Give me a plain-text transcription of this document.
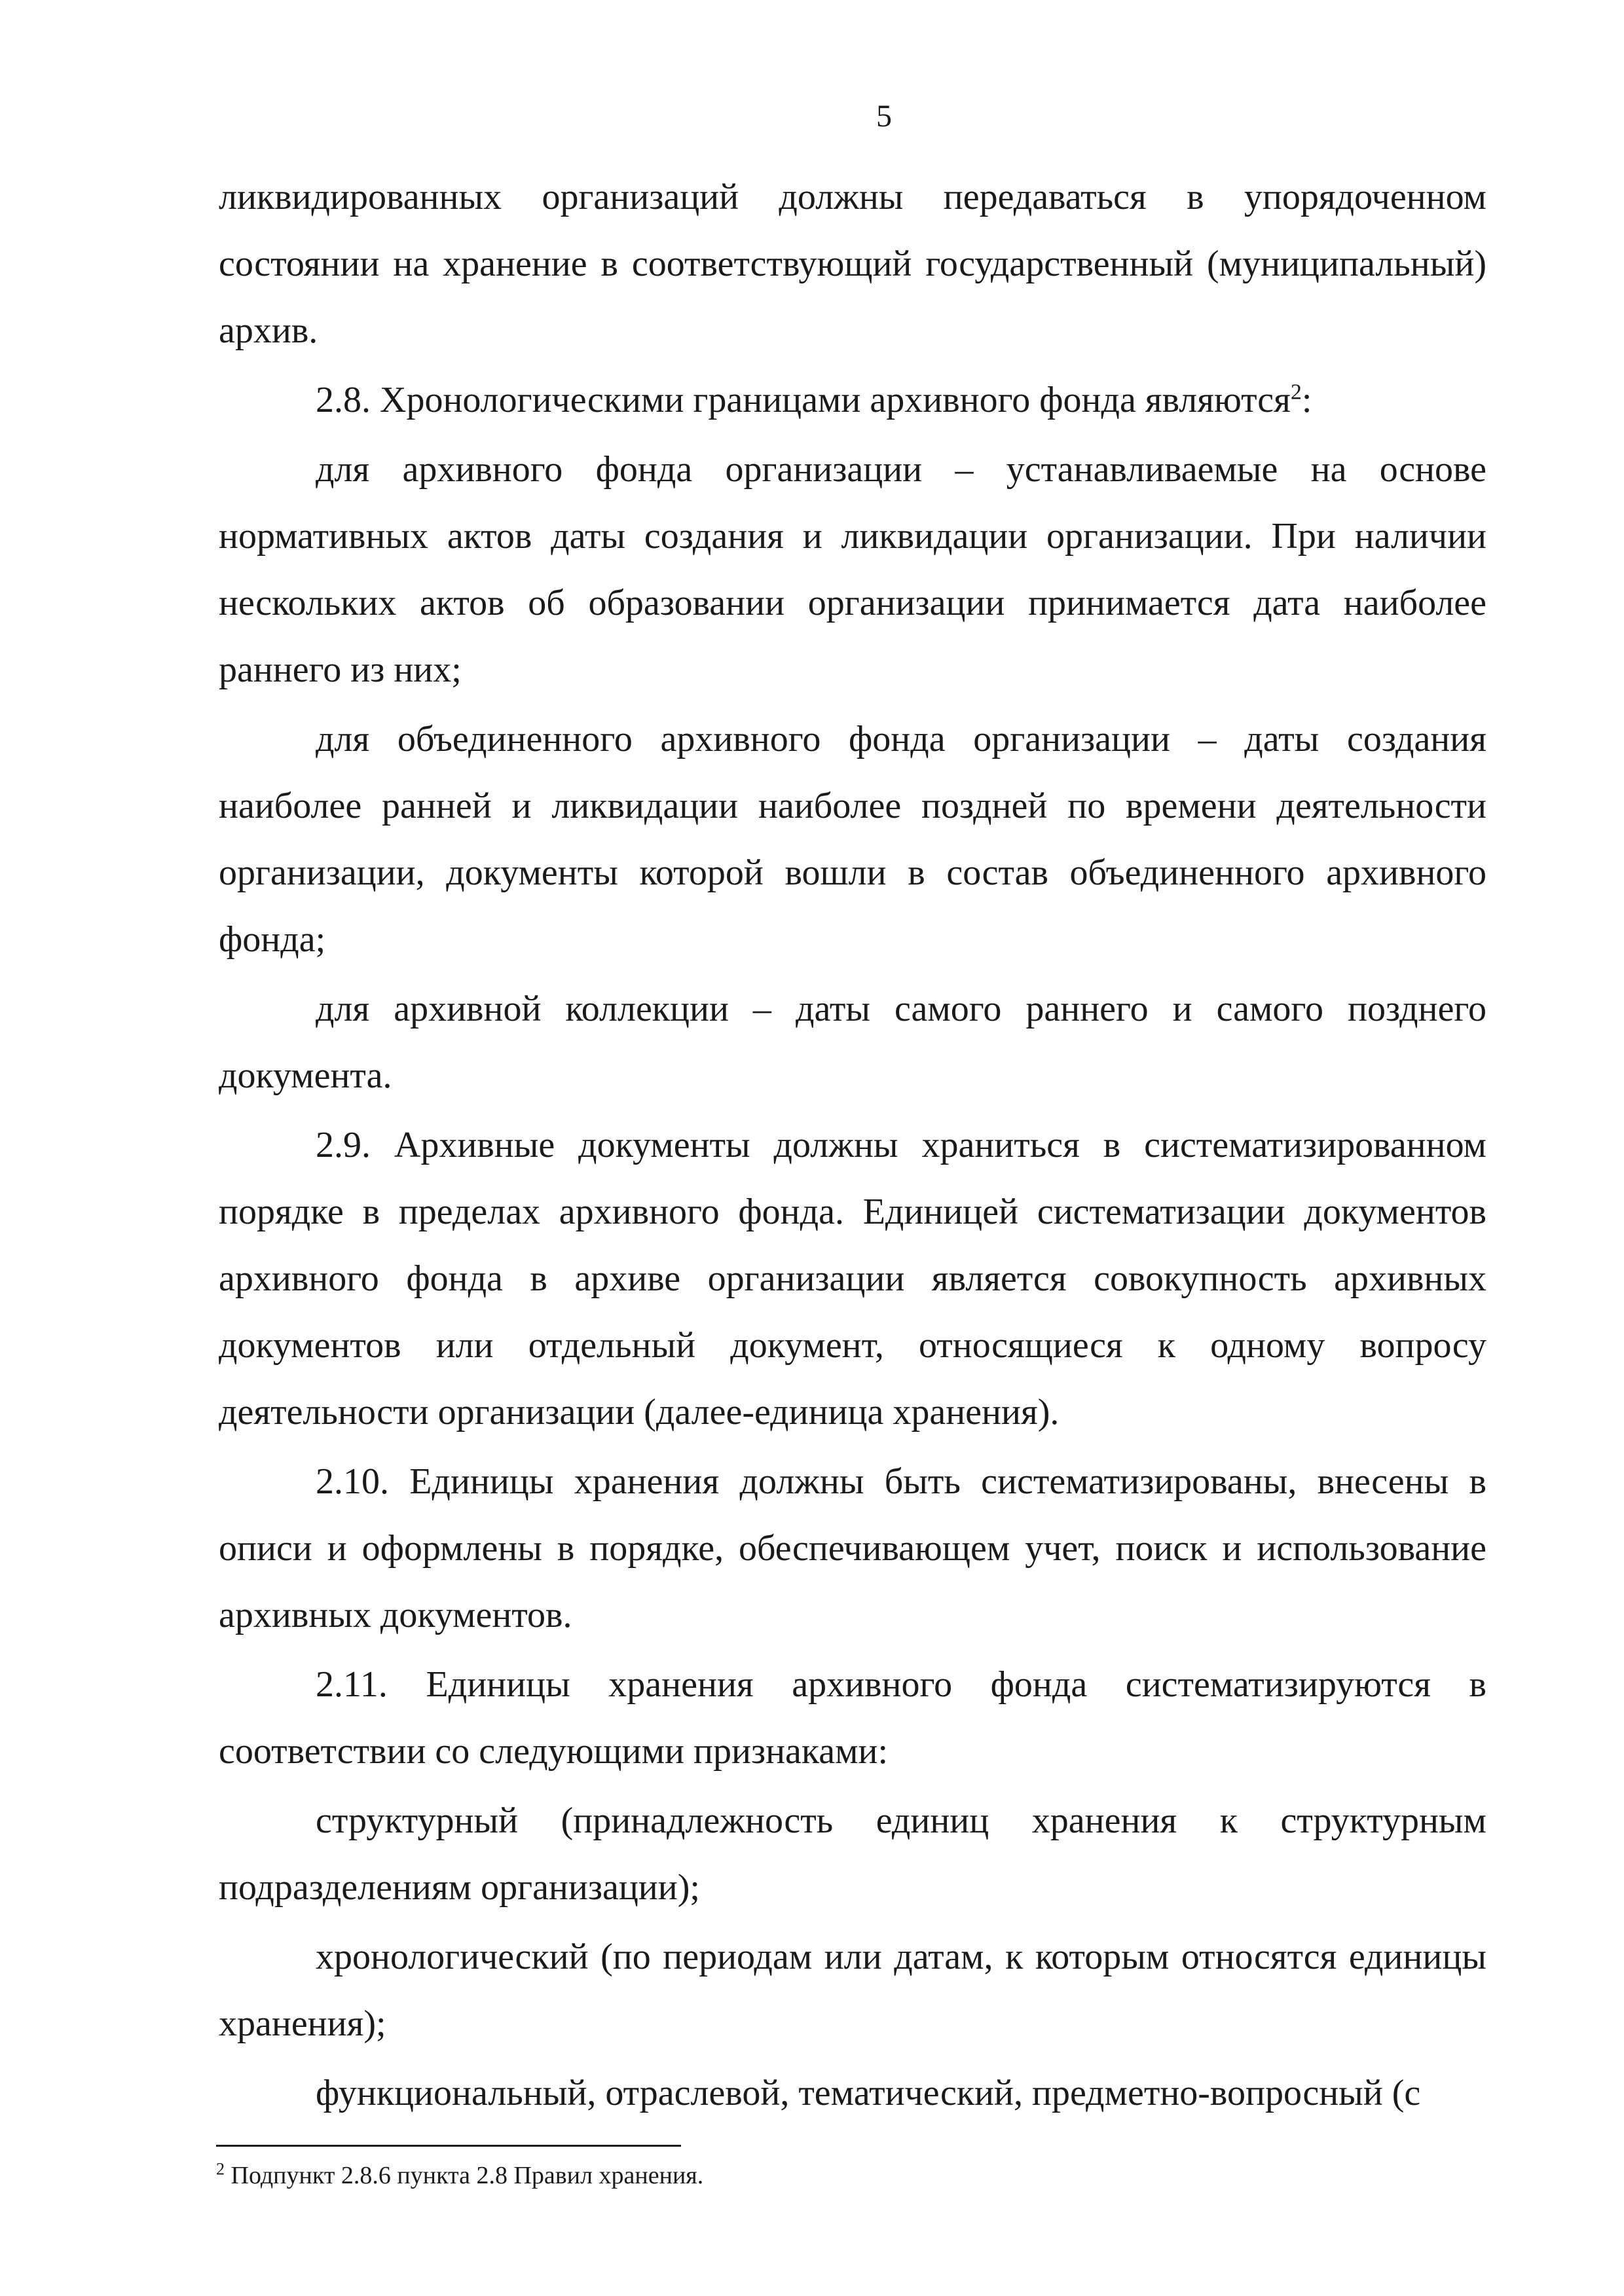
5

ликвидированных организаций должны передаваться в упорядоченном состоянии на хранение в соответствующий государственный (муниципальный) архив.

2.8. Хронологическими границами архивного фонда являются$^2$:

для архивного фонда организации – устанавливаемые на основе нормативных актов даты создания и ликвидации организации. При наличии нескольких актов об образовании организации принимается дата наиболее раннего из них;

для объединенного архивного фонда организации – даты создания наиболее ранней и ликвидации наиболее поздней по времени деятельности организации, документы которой вошли в состав объединенного архивного фонда;

для архивной коллекции – даты самого раннего и самого позднего документа.

2.9. Архивные документы должны храниться в систематизированном порядке в пределах архивного фонда. Единицей систематизации документов архивного фонда в архиве организации является совокупность архивных документов или отдельный документ, относящиеся к одному вопросу деятельности организации (далее-единица хранения).

2.10. Единицы хранения должны быть систематизированы, внесены в описи и оформлены в порядке, обеспечивающем учет, поиск и использование архивных документов.

2.11. Единицы хранения архивного фонда систематизируются в соответствии со следующими признаками:

структурный (принадлежность единиц хранения к структурным подразделениям организации);

хронологический (по периодам или датам, к которым относятся единицы хранения);

функциональный, отраслевой, тематический, предметно-вопросный (с

$^2$ Подпункт 2.8.6 пункта 2.8 Правил хранения.
